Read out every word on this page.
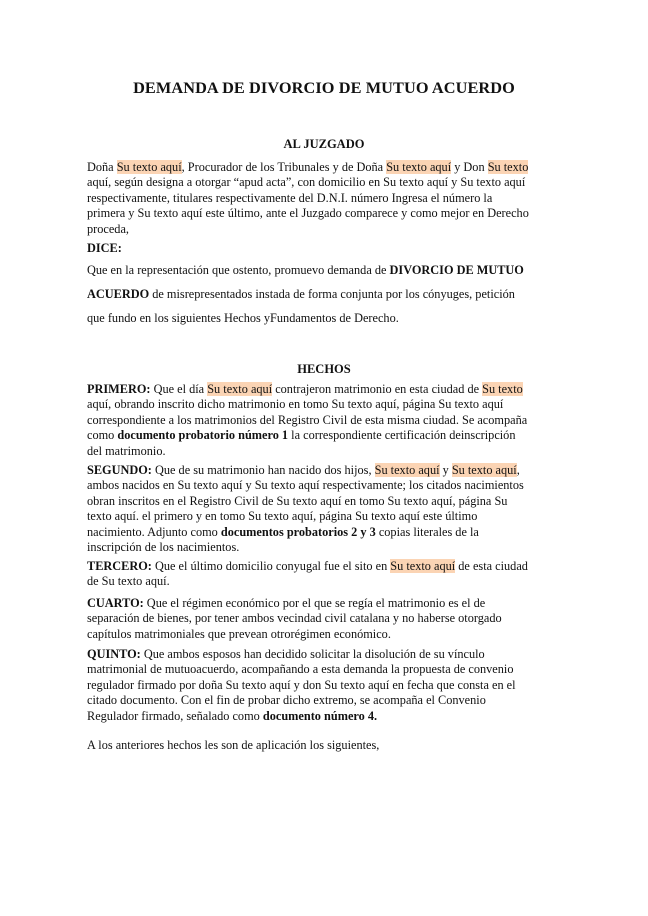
DEMANDA DE DIVORCIO DE MUTUO ACUERDO
AL JUZGADO
Doña Su texto aquí, Procurador de los Tribunales y de Doña Su texto aquí y Don Su texto
aquí, según designa a otorgar “apud acta”, con domicilio en Su texto aquí y Su texto aquí
respectivamente, titulares respectivamente del D.N.I. número Ingresa el número la
primera y Su texto aquí este último, ante el Juzgado comparece y como mejor en Derecho
proceda,
DICE:
Que en la representación que ostento, promuevo demanda de DIVORCIO DE MUTUO
ACUERDO de misrepresentados instada de forma conjunta por los cónyuges, petición
que fundo en los siguientes Hechos yFundamentos de Derecho.
HECHOS
PRIMERO: Que el día Su texto aquí contrajeron matrimonio en esta ciudad de Su texto
aquí, obrando inscrito dicho matrimonio en tomo Su texto aquí, página Su texto aquí
correspondiente a los matrimonios del Registro Civil de esta misma ciudad. Se acompaña
como documento probatorio número 1 la correspondiente certificación deinscripción
del matrimonio.
SEGUNDO: Que de su matrimonio han nacido dos hijos, Su texto aquí y Su texto aquí,
ambos nacidos en Su texto aquí y Su texto aquí respectivamente; los citados nacimientos
obran inscritos en el Registro Civil de Su texto aquí en tomo Su texto aquí, página Su
texto aquí. el primero y en tomo Su texto aquí, página Su texto aquí este último
nacimiento. Adjunto como documentos probatorios 2 y 3 copias literales de la
inscripción de los nacimientos.
TERCERO: Que el último domicilio conyugal fue el sito en Su texto aquí de esta ciudad
de Su texto aquí.
CUARTO: Que el régimen económico por el que se regía el matrimonio es el de
separación de bienes, por tener ambos vecindad civil catalana y no haberse otorgado
capítulos matrimoniales que prevean otrorégimen económico.
QUINTO: Que ambos esposos han decidido solicitar la disolución de su vínculo
matrimonial de mutuoacuerdo, acompañando a esta demanda la propuesta de convenio
regulador firmado por doña Su texto aquí y don Su texto aquí en fecha que consta en el
citado documento. Con el fin de probar dicho extremo, se acompaña el Convenio
Regulador firmado, señalado como documento número 4.
A los anteriores hechos les son de aplicación los siguientes,
